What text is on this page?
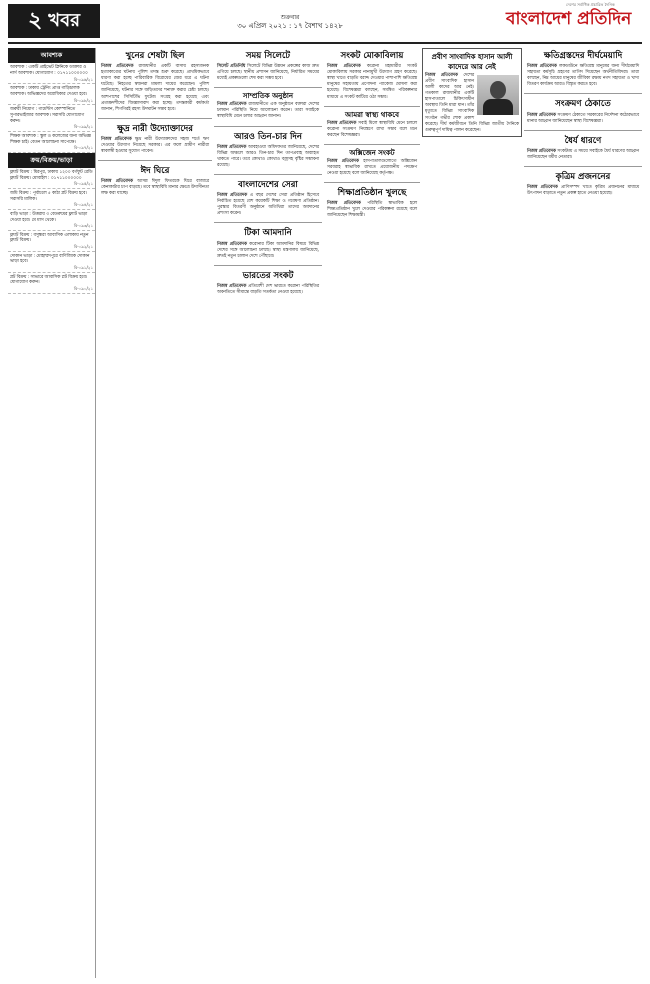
২ খবর	শুক্রবার
৩০ এপ্রিল ২০২১ : ১৭ বৈশাখ ১৪২৮
দেশের সর্বাধিক প্রচারিত দৈনিক
বাংলাদেশ প্রতিদিন
আবশ্যক
আবশ্যক : একটি প্রাইভেট ক্লিনিকে ডাক্তার ও নার্স আবশ্যক। যোগাযোগ : ০১৭১১০০০০০০
বি-০৯৬/২১
আবশ্যক : ঢাকায় ট্রেনিং প্রাপ্ত গাড়িচালক আবশ্যক। অভিজ্ঞদের অগ্রাধিকার দেওয়া হবে।
বি-০৯৮/২১
জরুরী নিয়োগ : গার্মেন্টস কোম্পানিতে সুপারভাইজার আবশ্যক। সরাসরি যোগাযোগ করুন।
বি-০৯৯/২১
শিক্ষক আবশ্যক : স্কুল ও কলেজের জন্য অভিজ্ঞ শিক্ষক চাই। বেতন আলোচনা সাপেক্ষে।
বি-০৯৭/২১
ক্রয়/বিক্রয়/ভাড়া
ফ্ল্যাট বিক্রয় : মিরপুর, ঢাকায় ১২০০ বর্গফুট রেডি ফ্ল্যাট বিক্রয়। মোবাইল : ০১৭১১০০০০০০
বি-০৯৫/২১
জমি বিক্রয় : পূর্বাচলে ৫ কাঠা প্লট বিক্রয় হবে। সরাসরি মালিক।
বি-০৯৪/২১
বাড়ি ভাড়া : উত্তরায় ৩ বেডরুমের ফ্ল্যাট ভাড়া দেওয়া হবে। মে মাস থেকে।
বি-০৯৩/২১
ফ্ল্যাট বিক্রয় : বসুন্ধরা আবাসিক এলাকায় নতুন ফ্ল্যাট বিক্রয়।
বি-০৯২/২১
দোকান ভাড়া : মোহাম্মদপুরে বাণিজ্যিক দোকান ভাড়া হবে।
বি-০৯১/২১
প্লট বিক্রয় : সাভারে আবাসিক প্লট বিক্রয় হবে। যোগাযোগ করুন।
বি-০৯০/২১
খুনের শেষটা ছিল

নিজস্ব প্রতিবেদক রাজধানীর একটি বাসায় রহস্যজনক হত্যাকাণ্ডের ঘটনায় পুলিশ তদন্ত শুরু করেছে। প্রাথমিকভাবে ধারণা করা হচ্ছে পারিবারিক বিরোধের জের ধরে এ ঘটনা ঘটেছে। নিহতের স্বজনরা মামলা দায়ের করেছেন। পুলিশ জানিয়েছে, ঘটনার সঙ্গে জড়িতদের শনাক্ত করার চেষ্টা চলছে। আশপাশের সিসিটিভি ফুটেজ সংগ্রহ করা হয়েছে এবং প্রত্যক্ষদর্শীদের জিজ্ঞাসাবাদ করা হচ্ছে। তদন্তকারী কর্মকর্তা জানান, শিগগিরই রহস্য উদঘাটন সম্ভব হবে।

ক্ষুদ্র নারী উদ্যোক্তাদের

নিজস্ব প্রতিবেদক ক্ষুদ্র নারী উদ্যোক্তাদের সহজ শর্তে ঋণ দেওয়ার উদ্যোগ নিয়েছে সরকার। এর ফলে গ্রামীণ নারীরা স্বাবলম্বী হওয়ার সুযোগ পাবেন।

ঈদ ঘিরে

নিজস্ব প্রতিবেদক আসন্ন ঈদুল ফিতরকে ঘিরে বাজারে কেনাকাটার চাপ বাড়ছে। তবে স্বাস্থ্যবিধি মানার ক্ষেত্রে উদাসীনতা লক্ষ করা যাচ্ছে।

সময় সিলেটে

সিলেট প্রতিনিধি সিলেটে বিভিন্ন উন্নয়ন প্রকল্পের কাজ দ্রুত এগিয়ে চলছে। স্থানীয় প্রশাসন জানিয়েছে, নির্ধারিত সময়ের মধ্যেই প্রকল্পগুলো শেষ করা সম্ভব হবে।

সাম্প্রতিক অনুষ্ঠান

নিজস্ব প্রতিবেদক রাজধানীতে এক অনুষ্ঠানে বক্তারা দেশের চলমান পরিস্থিতি নিয়ে আলোচনা করেন। তারা সবাইকে স্বাস্থ্যবিধি মেনে চলার আহ্বান জানান।

আরও তিন-চার দিন

নিজস্ব প্রতিবেদক আবহাওয়া অধিদফতর জানিয়েছে, দেশের বিভিন্ন অঞ্চলে আরও তিন-চার দিন তাপপ্রবাহ অব্যাহত থাকতে পারে। তবে কোথাও কোথাও বজ্রসহ বৃষ্টির সম্ভাবনা রয়েছে।

বাংলাদেশের সেরা

নিজস্ব প্রতিবেদক এ বছর দেশের সেরা প্রতিষ্ঠান হিসেবে নির্বাচিত হয়েছে বেশ কয়েকটি শিক্ষা ও গবেষণা প্রতিষ্ঠান। পুরস্কার বিতরণী অনুষ্ঠানে অতিথিরা তাদের অবদানের প্রশংসা করেন।

টিকা আমদানি

নিজস্ব প্রতিবেদক করোনার টিকা আমদানির বিষয়ে বিভিন্ন দেশের সঙ্গে আলোচনা চলছে। স্বাস্থ্য মন্ত্রণালয় জানিয়েছে, দ্রুতই নতুন চালান দেশে পৌঁছাবে।

ভারতের সংকট

নিজস্ব প্রতিবেদক প্রতিবেশী দেশ ভারতে করোনা পরিস্থিতির অবনতিতে সীমান্তে বাড়তি সতর্কতা নেওয়া হয়েছে।

সংকট মোকাবিলায়

নিজস্ব প্রতিবেদক করোনা মহামারীর সংকট মোকাবিলায় সরকার নানামুখী উদ্যোগ গ্রহণ করেছে। স্বাস্থ্য খাতে বাড়তি বরাদ্দ দেওয়ার পাশাপাশি ক্ষতিগ্রস্ত মানুষের সহায়তায় প্রণোদনা প্যাকেজ ঘোষণা করা হয়েছে। বিশেষজ্ঞরা বলছেন, সমন্বিত পরিকল্পনার মাধ্যমে এ সংকট কাটিয়ে ওঠা সম্ভব।

আমরা স্বাস্থ্য থাকবে

নিজস্ব প্রতিবেদক সবাই মিলে স্বাস্থ্যবিধি মেনে চললে করোনা সংক্রমণ নিয়ন্ত্রণে রাখা সম্ভব বলে মনে করছেন বিশেষজ্ঞরা।

অক্সিজেন সংকট

নিজস্ব প্রতিবেদক হাসপাতালগুলোতে অক্সিজেন সরবরাহ স্বাভাবিক রাখতে প্রয়োজনীয় পদক্ষেপ নেওয়া হয়েছে বলে জানিয়েছে কর্তৃপক্ষ।

শিক্ষাপ্রতিষ্ঠান খুলছে

নিজস্ব প্রতিবেদক পরিস্থিতি স্বাভাবিক হলে শিক্ষাপ্রতিষ্ঠান খুলে দেওয়ার পরিকল্পনা রয়েছে বলে জানিয়েছেন শিক্ষামন্ত্রী।

প্রবীণ সাংবাদিক হাসান আলী কাদেরে আর নেই

নিজস্ব প্রতিবেদক দেশের প্রবীণ সাংবাদিক হাসান আলী কাদের আর নেই। গতকাল রাজধানীর একটি হাসপাতালে চিকিৎসাধীন অবস্থায় তিনি মারা যান। তাঁর মৃত্যুতে বিভিন্ন সাংবাদিক সংগঠন গভীর শোক প্রকাশ করেছে। দীর্ঘ কর্মজীবনে তিনি বিভিন্ন জাতীয় দৈনিকে গুরুত্বপূর্ণ দায়িত্ব পালন করেছেন।

ক্ষতিগ্রস্তদের দীর্ঘমেয়াদি

নিজস্ব প্রতিবেদক লকডাউনে ক্ষতিগ্রস্ত মানুষের জন্য দীর্ঘমেয়াদি সহায়তা কর্মসূচি গ্রহণের তাগিদ দিয়েছেন অর্থনীতিবিদরা। তারা বলছেন, নিম্ন আয়ের মানুষের জীবিকা রক্ষায় নগদ সহায়তা ও খাদ্য বিতরণ কার্যক্রম আরও বিস্তৃত করতে হবে।

সংক্রমণ ঠেকাতে

নিজস্ব প্রতিবেদক সংক্রমণ ঠেকাতে সরকারের নির্দেশনা কঠোরভাবে মানার আহ্বান জানিয়েছেন স্বাস্থ্য বিশেষজ্ঞরা।

ধৈর্য ধারণে

নিজস্ব প্রতিবেদক সংকটময় এ সময়ে সবাইকে ধৈর্য ধারণের আহ্বান জানিয়েছেন ধর্মীয় নেতারা।

কৃত্রিম প্রজননের

নিজস্ব প্রতিবেদক প্রাণিসম্পদ খাতে কৃত্রিম প্রজননের মাধ্যমে উৎপাদন বাড়াতে নতুন প্রকল্প হাতে নেওয়া হয়েছে।
